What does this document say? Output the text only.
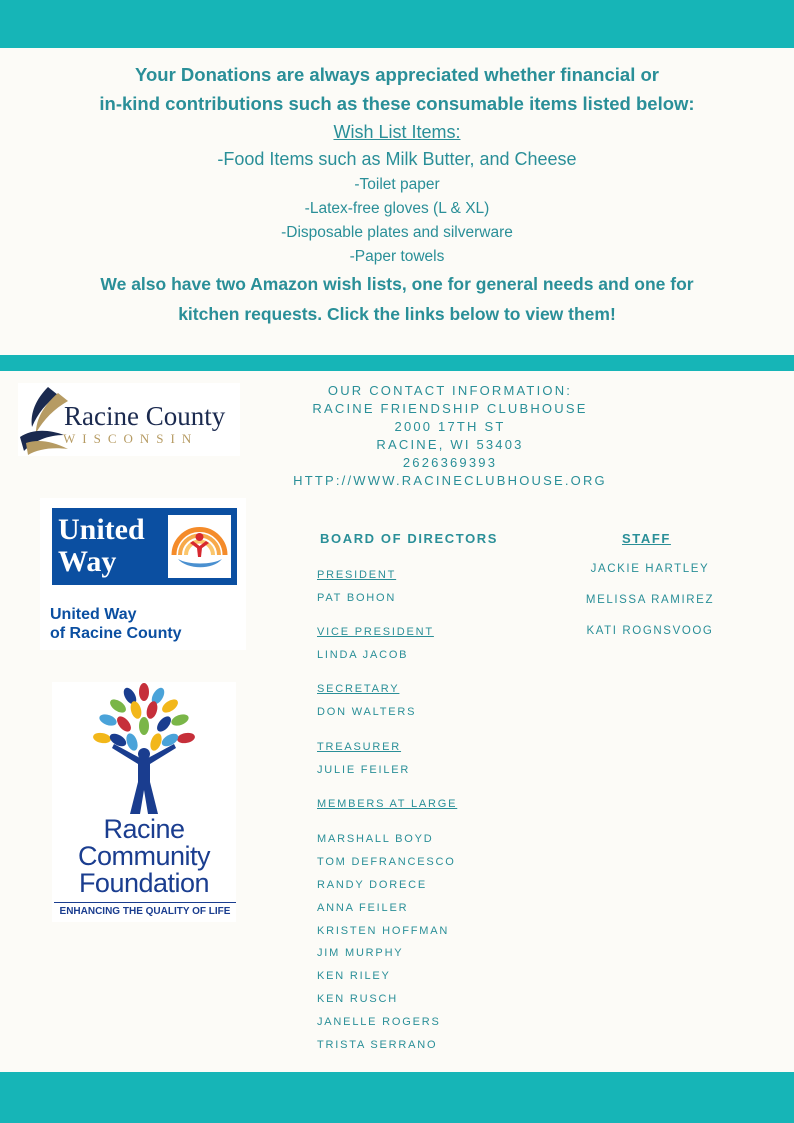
Your Donations are always appreciated whether financial or
in-kind contributions such as these consumable items listed below:
Wish List Items:
-Food Items such as Milk Butter, and Cheese
-Toilet paper
-Latex-free gloves (L & XL)
-Disposable plates and silverware
-Paper towels
We also have two Amazon wish lists, one for general needs and one for
kitchen requests. Click the links below to view them!
OUR CONTACT INFORMATION:
RACINE FRIENDSHIP CLUBHOUSE
2000 17TH ST
RACINE, WI 53403
2626369393
HTTP://WWW.RACINECLUBHOUSE.ORG
Racine County
WISCONSIN
United
Way
United Way
of Racine County
Racine
Community
Foundation
ENHANCING THE QUALITY OF LIFE
BOARD OF DIRECTORS
PRESIDENT
PAT BOHON
VICE PRESIDENT
LINDA JACOB
SECRETARY
DON WALTERS
TREASURER
JULIE FEILER
MEMBERS AT LARGE
MARSHALL BOYD
TOM DEFRANCESCO
RANDY DORECE
ANNA FEILER
KRISTEN HOFFMAN
JIM MURPHY
KEN RILEY
KEN RUSCH
JANELLE ROGERS
TRISTA SERRANO
STAFF
JACKIE HARTLEY
MELISSA RAMIREZ
KATI ROGNSVOOG
